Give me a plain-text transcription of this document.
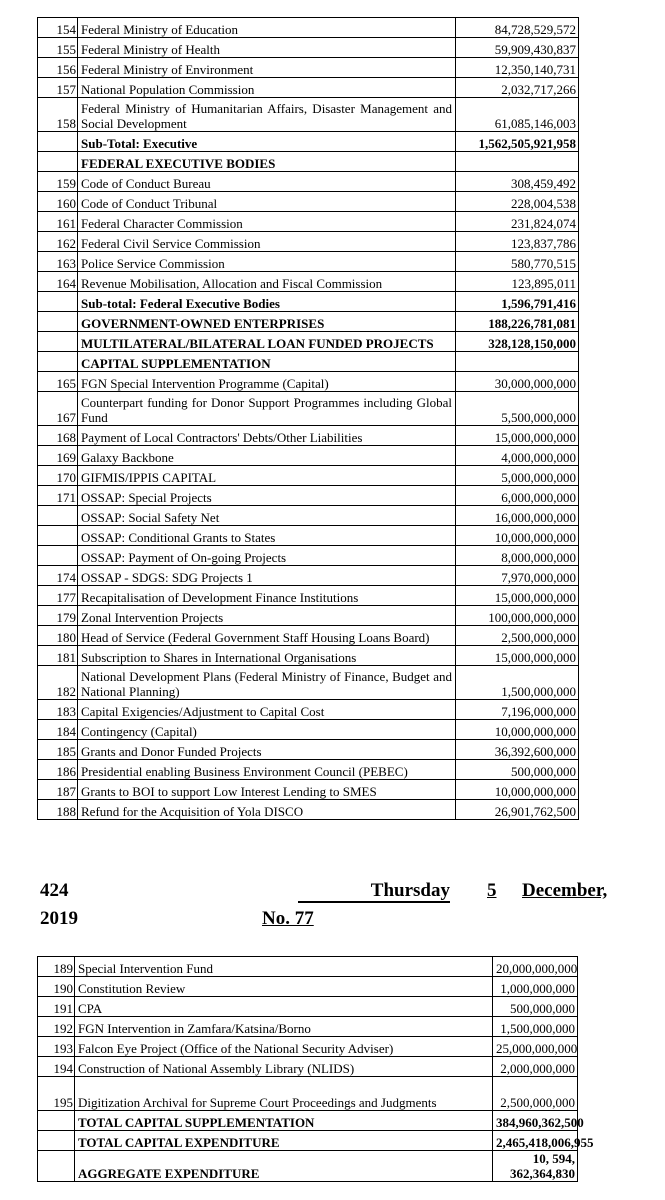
154	Federal Ministry of Education	84,728,529,572
155	Federal Ministry of Health	59,909,430,837
156	Federal Ministry of Environment	12,350,140,731
157	National Population Commission	2,032,717,266
158	Federal Ministry of Humanitarian Affairs, Disaster Management and Social Development	61,085,146,003
	Sub-Total: Executive	1,562,505,921,958
	FEDERAL EXECUTIVE BODIES	
159	Code of Conduct Bureau	308,459,492
160	Code of Conduct Tribunal	228,004,538
161	Federal Character Commission	231,824,074
162	Federal Civil Service Commission	123,837,786
163	Police Service Commission	580,770,515
164	Revenue Mobilisation, Allocation and Fiscal Commission	123,895,011
	Sub-total: Federal Executive Bodies	1,596,791,416
	GOVERNMENT-OWNED ENTERPRISES	188,226,781,081
	MULTILATERAL/BILATERAL LOAN FUNDED PROJECTS	328,128,150,000
	CAPITAL SUPPLEMENTATION	
165	FGN Special Intervention Programme (Capital)	30,000,000,000
167	Counterpart funding for Donor Support Programmes including Global Fund	5,500,000,000
168	Payment of Local Contractors' Debts/Other Liabilities	15,000,000,000
169	Galaxy Backbone	4,000,000,000
170	GIFMIS/IPPIS CAPITAL	5,000,000,000
171	OSSAP: Special Projects	6,000,000,000
	OSSAP: Social Safety Net	16,000,000,000
	OSSAP: Conditional Grants to States	10,000,000,000
	OSSAP: Payment of On-going Projects	8,000,000,000
174	OSSAP - SDGS: SDG Projects 1	7,970,000,000
177	Recapitalisation of Development Finance Institutions	15,000,000,000
179	Zonal Intervention Projects	100,000,000,000
180	Head of Service (Federal Government Staff Housing Loans Board)	2,500,000,000
181	Subscription to Shares in International Organisations	15,000,000,000
182	National Development Plans (Federal Ministry of Finance, Budget and National Planning)	1,500,000,000
183	Capital Exigencies/Adjustment to Capital Cost	7,196,000,000
184	Contingency (Capital)	10,000,000,000
185	Grants and Donor Funded Projects	36,392,600,000
186	Presidential enabling Business Environment Council (PEBEC)	500,000,000
187	Grants to BOI to support Low Interest Lending to SMES	10,000,000,000
188	Refund for the Acquisition of Yola DISCO	26,901,762,500
424	Thursday 5 December,
2019	No. 77
189	Special Intervention Fund	20,000,000,000
190	Constitution Review	1,000,000,000
191	CPA	500,000,000
192	FGN Intervention in Zamfara/Katsina/Borno	1,500,000,000
193	Falcon Eye Project (Office of the National Security Adviser)	25,000,000,000
194	Construction of National Assembly Library (NLIDS)	2,000,000,000
195	Digitization Archival for Supreme Court Proceedings and Judgments	2,500,000,000
	TOTAL CAPITAL SUPPLEMENTATION	384,960,362,500
	TOTAL CAPITAL EXPENDITURE	2,465,418,006,955
	AGGREGATE EXPENDITURE	10, 594, 362,364,830
